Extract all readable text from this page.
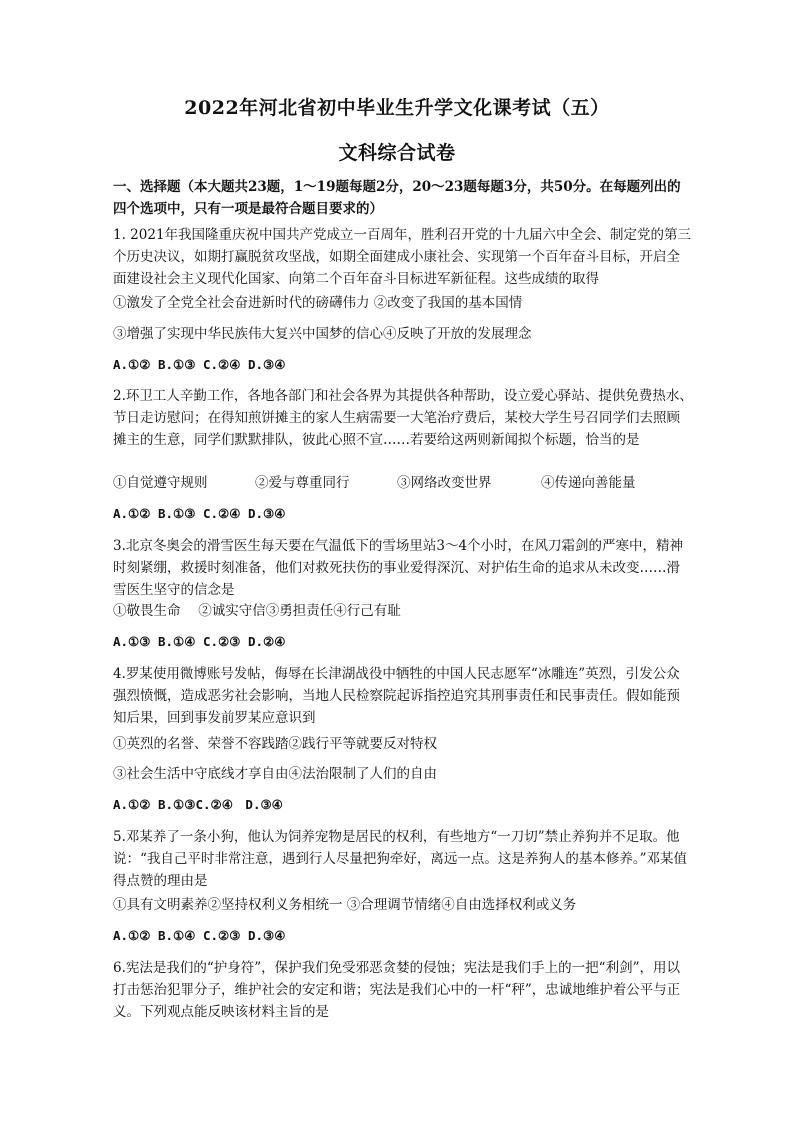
2022年河北省初中毕业生升学文化课考试（五）
文科综合试卷
一、选择题（本大题共23题，1～19题每题2分，20～23题每题3分，共50分。在每题列出的四个选项中，只有一项是最符合题目要求的）
1. 2021年我国隆重庆祝中国共产党成立一百周年，胜利召开党的十九届六中全会、制定党的第三个历史决议，如期打赢脱贫攻坚战，如期全面建成小康社会、实现第一个百年奋斗目标，开启全面建设社会主义现代化国家、向第二个百年奋斗目标进军新征程。这些成绩的取得
①激发了全党全社会奋进新时代的磅礴伟力 ②改变了我国的基本国情
③增强了实现中华民族伟大复兴中国梦的信心④反映了开放的发展理念
A.①② B.①③ C.②④ D.③④
2.环卫工人辛勤工作，各地各部门和社会各界为其提供各种帮助，设立爱心驿站、提供免费热水、节日走访慰问；在得知煎饼摊主的家人生病需要一大笔治疗费后，某校大学生号召同学们去照顾摊主的生意，同学们默默排队，彼此心照不宣……若要给这两则新闻拟个标题，恰当的是
①自觉遵守规则	②爱与尊重同行	③网络改变世界	④传递向善能量
A.①② B.①③ C.②④ D.③④
3.北京冬奥会的滑雪医生每天要在气温低下的雪场里站3～4个小时，在风刀霜剑的严寒中，精神时刻紧绷，救援时刻准备，他们对救死扶伤的事业爱得深沉、对护佑生命的追求从未改变……滑雪医生坚守的信念是
①敬畏生命　 ②诚实守信③勇担责任④行己有耻
A.①③ B.①④ C.②③ D.②④
4.罗某使用微博账号发帖，侮辱在长津湖战役中牺牲的中国人民志愿军“冰雕连”英烈，引发公众强烈愤慨，造成恶劣社会影响，当地人民检察院起诉指控追究其刑事责任和民事责任。假如能预知后果，回到事发前罗某应意识到
①英烈的名誉、荣誉不容践踏②践行平等就要反对特权
③社会生活中守底线才享自由④法治限制了人们的自由
A.①② B.①③C.②④　D.③④
5.邓某养了一条小狗，他认为饲养宠物是居民的权利，有些地方“一刀切”禁止养狗并不足取。他说：“我自己平时非常注意，遇到行人尽量把狗牵好，离远一点。这是养狗人的基本修养。”邓某值得点赞的理由是
①具有文明素养②坚持权利义务相统一 ③合理调节情绪④自由选择权利或义务
A.①② B.①④ C.②③ D.③④
6.宪法是我们的“护身符”，保护我们免受邪恶贪婪的侵蚀；宪法是我们手上的一把“利剑”，用以打击惩治犯罪分子，维护社会的安定和谐；宪法是我们心中的一杆“秤”，忠诚地维护着公平与正义。下列观点能反映该材料主旨的是
